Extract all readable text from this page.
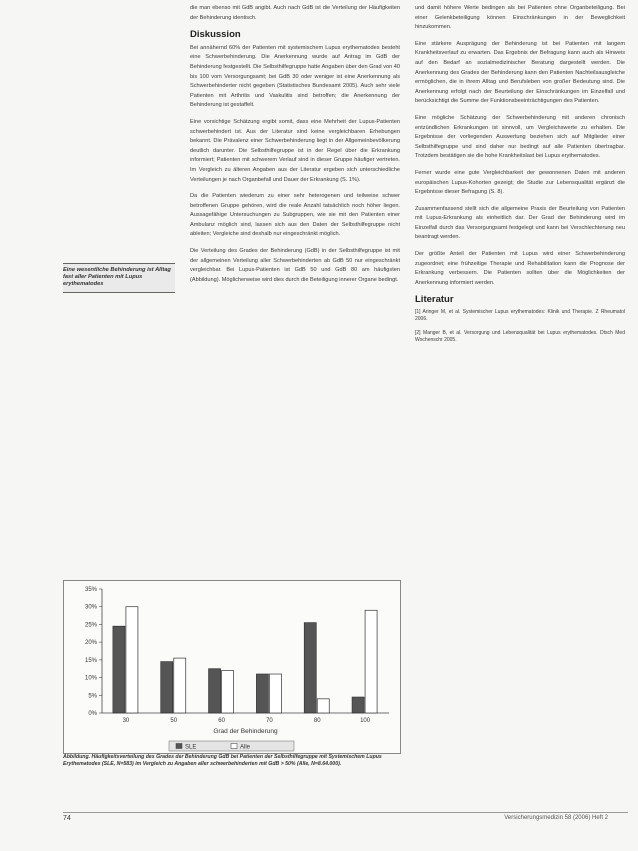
die man ebenso mit GdB angibt. Auch nach GdB ist die Verteilung der Häufigkeiten der Behinderung identisch.

Diskussion

Bei annähernd 60% der Patienten mit systemischem Lupus erythematodes besteht eine Schwerbehinderung. Die Anerkennung wurde auf Antrag im GdB der Behinderung festgestellt. Die Selbsthilfegruppe hatte Angaben über den Grad von 40 bis 100 vom Versorgungsamt; bei GdB 30 oder weniger ist eine Anerkennung als Schwerbehinderter nicht gegeben (Statistisches Bundesamt 2005). Auch sehr viele Patienten mit Arthritis und Vaskulitis sind betroffen; die Anerkennung der Behinderung ist gestaffelt.

Eine vorsichtige Schätzung ergibt somit, dass eine Mehrheit der Lupus-Patienten schwerbehindert ist. Aus der Literatur sind keine vergleichbaren Erhebungen bekannt. Die Prävalenz einer Schwerbehinderung liegt in der Allgemeinbevölkerung deutlich darunter. Die Selbsthilfegruppe ist in der Regel über die Erkrankung informiert; Patienten mit schwerem Verlauf sind in dieser Gruppe häufiger vertreten. Im Vergleich zu älteren Angaben aus der Literatur ergeben sich unterschiedliche Verteilungen je nach Organbefall und Dauer der Erkrankung (S. 1%).

Da die Patienten wiederum zu einer sehr heterogenen und teilweise schwer betroffenen Gruppe gehören, wird die reale Anzahl tatsächlich noch höher liegen. Aussagefähige Untersuchungen zu Subgruppen, wie sie mit den Patienten einer Ambulanz möglich sind, lassen sich aus den Daten der Selbsthilfegruppe nicht ableiten; Vergleiche sind deshalb nur eingeschränkt möglich.

Die Verteilung des Grades der Behinderung (GdB) in der Selbsthilfegruppe ist mit der allgemeinen Verteilung aller Schwerbehinderten ab GdB 50 nur eingeschränkt vergleichbar. Bei Lupus-Patienten ist GdB 50 und GdB 80 am häufigsten (Abbildung). Möglicherweise wird dies durch die Beteiligung innerer Organe bedingt.

Eine wesentliche Behinderung ist Alltag fast aller Patienten mit Lupus erythematodes

und damit höhere Werte bedingen als bei Patienten ohne Organbeteiligung. Bei einer Gelenkbeteiligung können Einschränkungen in der Beweglichkeit hinzukommen.

Eine stärkere Ausprägung der Behinderung ist bei Patienten mit langem Krankheitsverlauf zu erwarten. Das Ergebnis der Befragung kann auch als Hinweis auf den Bedarf an sozialmedizinischer Beratung dargestellt werden. Die Anerkennung des Grades der Behinderung kann den Patienten Nachteilsausgleiche ermöglichen, die in ihrem Alltag und Berufsleben von großer Bedeutung sind. Die Anerkennung erfolgt nach der Beurteilung der Einschränkungen im Einzelfall und berücksichtigt die Summe der Funktionsbeeinträchtigungen des Patienten.

Eine mögliche Schätzung der Schwerbehinderung mit anderen chronisch entzündlichen Erkrankungen ist sinnvoll, um Vergleichswerte zu erhalten. Die Ergebnisse der vorliegenden Auswertung beziehen sich auf Mitglieder einer Selbsthilfegruppe und sind daher nur bedingt auf alle Patienten übertragbar. Trotzdem bestätigen sie die hohe Krankheitslast bei Lupus erythematodes.

Ferner wurde eine gute Vergleichbarkeit der gewonnenen Daten mit anderen europäischen Lupus-Kohorten gezeigt; die Studie zur Lebensqualität ergänzt die Ergebnisse dieser Befragung (S. 8).

Zusammenfassend stellt sich die allgemeine Praxis der Beurteilung von Patienten mit Lupus-Erkrankung als einheitlich dar. Der Grad der Behinderung wird im Einzelfall durch das Versorgungsamt festgelegt und kann bei Verschlechterung neu beantragt werden.

Der größte Anteil der Patienten mit Lupus wird einer Schwerbehinderung zugeordnet; eine frühzeitige Therapie und Rehabilitation kann die Prognose der Erkrankung verbessern. Die Patienten sollten über die Möglichkeiten der Anerkennung informiert werden.

Literatur

[1] Aringer M, et al. Systemischer Lupus erythematodes: Klinik und Therapie. Z Rheumatol 2006.

[2] Manger B, et al. Versorgung und Lebensqualität bei Lupus erythematodes. Dtsch Med Wochenschr 2005.

0%
5%
10%
15%
20%
25%
30%
35%
30	50	60	70	80	100
Grad der Behinderung
SLE	Alle
Abbildung. Häufigkeitsverteilung des Grades der Behinderung GdB bei Patienten der Selbsthilfegruppe mit Systemischem Lupus Erythematodes (SLE, N=583) im Vergleich zu Angaben aller schwerbehinderten mit GdB > 50% (Alle, N=8.64.000).
74	Versicherungsmedizin 58 (2006) Heft 2
